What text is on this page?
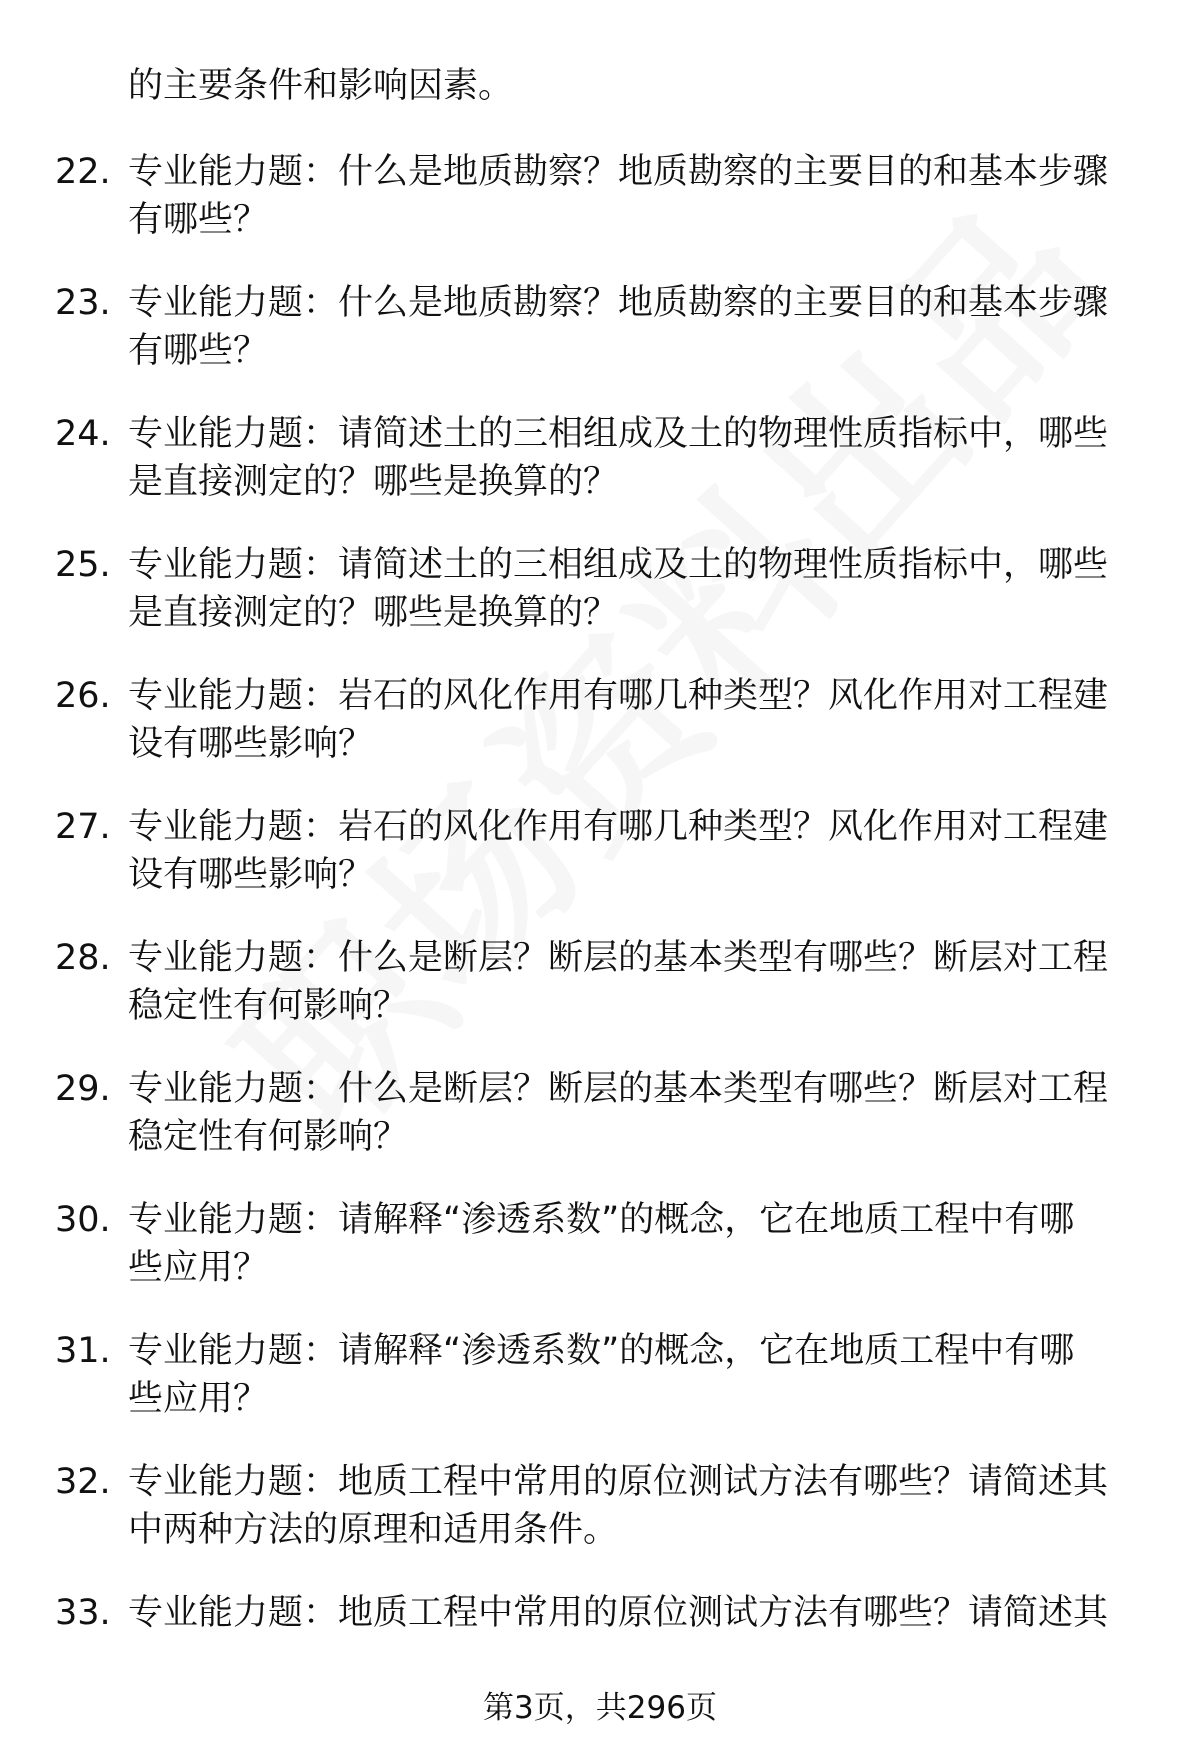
的主要条件和影响因素。
22. 专业能力题：什么是地质勘察？地质勘察的主要目的和基本步骤
有哪些？
23. 专业能力题：什么是地质勘察？地质勘察的主要目的和基本步骤
有哪些？
24. 专业能力题：请简述土的三相组成及土的物理性质指标中，哪些
是直接测定的？哪些是换算的？
25. 专业能力题：请简述土的三相组成及土的物理性质指标中，哪些
是直接测定的？哪些是换算的？
26. 专业能力题：岩石的风化作用有哪几种类型？风化作用对工程建
设有哪些影响？
27. 专业能力题：岩石的风化作用有哪几种类型？风化作用对工程建
设有哪些影响？
28. 专业能力题：什么是断层？断层的基本类型有哪些？断层对工程
稳定性有何影响？
29. 专业能力题：什么是断层？断层的基本类型有哪些？断层对工程
稳定性有何影响？
30. 专业能力题：请解释“渗透系数”的概念，它在地质工程中有哪
些应用？
31. 专业能力题：请解释“渗透系数”的概念，它在地质工程中有哪
些应用？
32. 专业能力题：地质工程中常用的原位测试方法有哪些？请简述其
中两种方法的原理和适用条件。
33. 专业能力题：地质工程中常用的原位测试方法有哪些？请简述其
第3页，共296页
